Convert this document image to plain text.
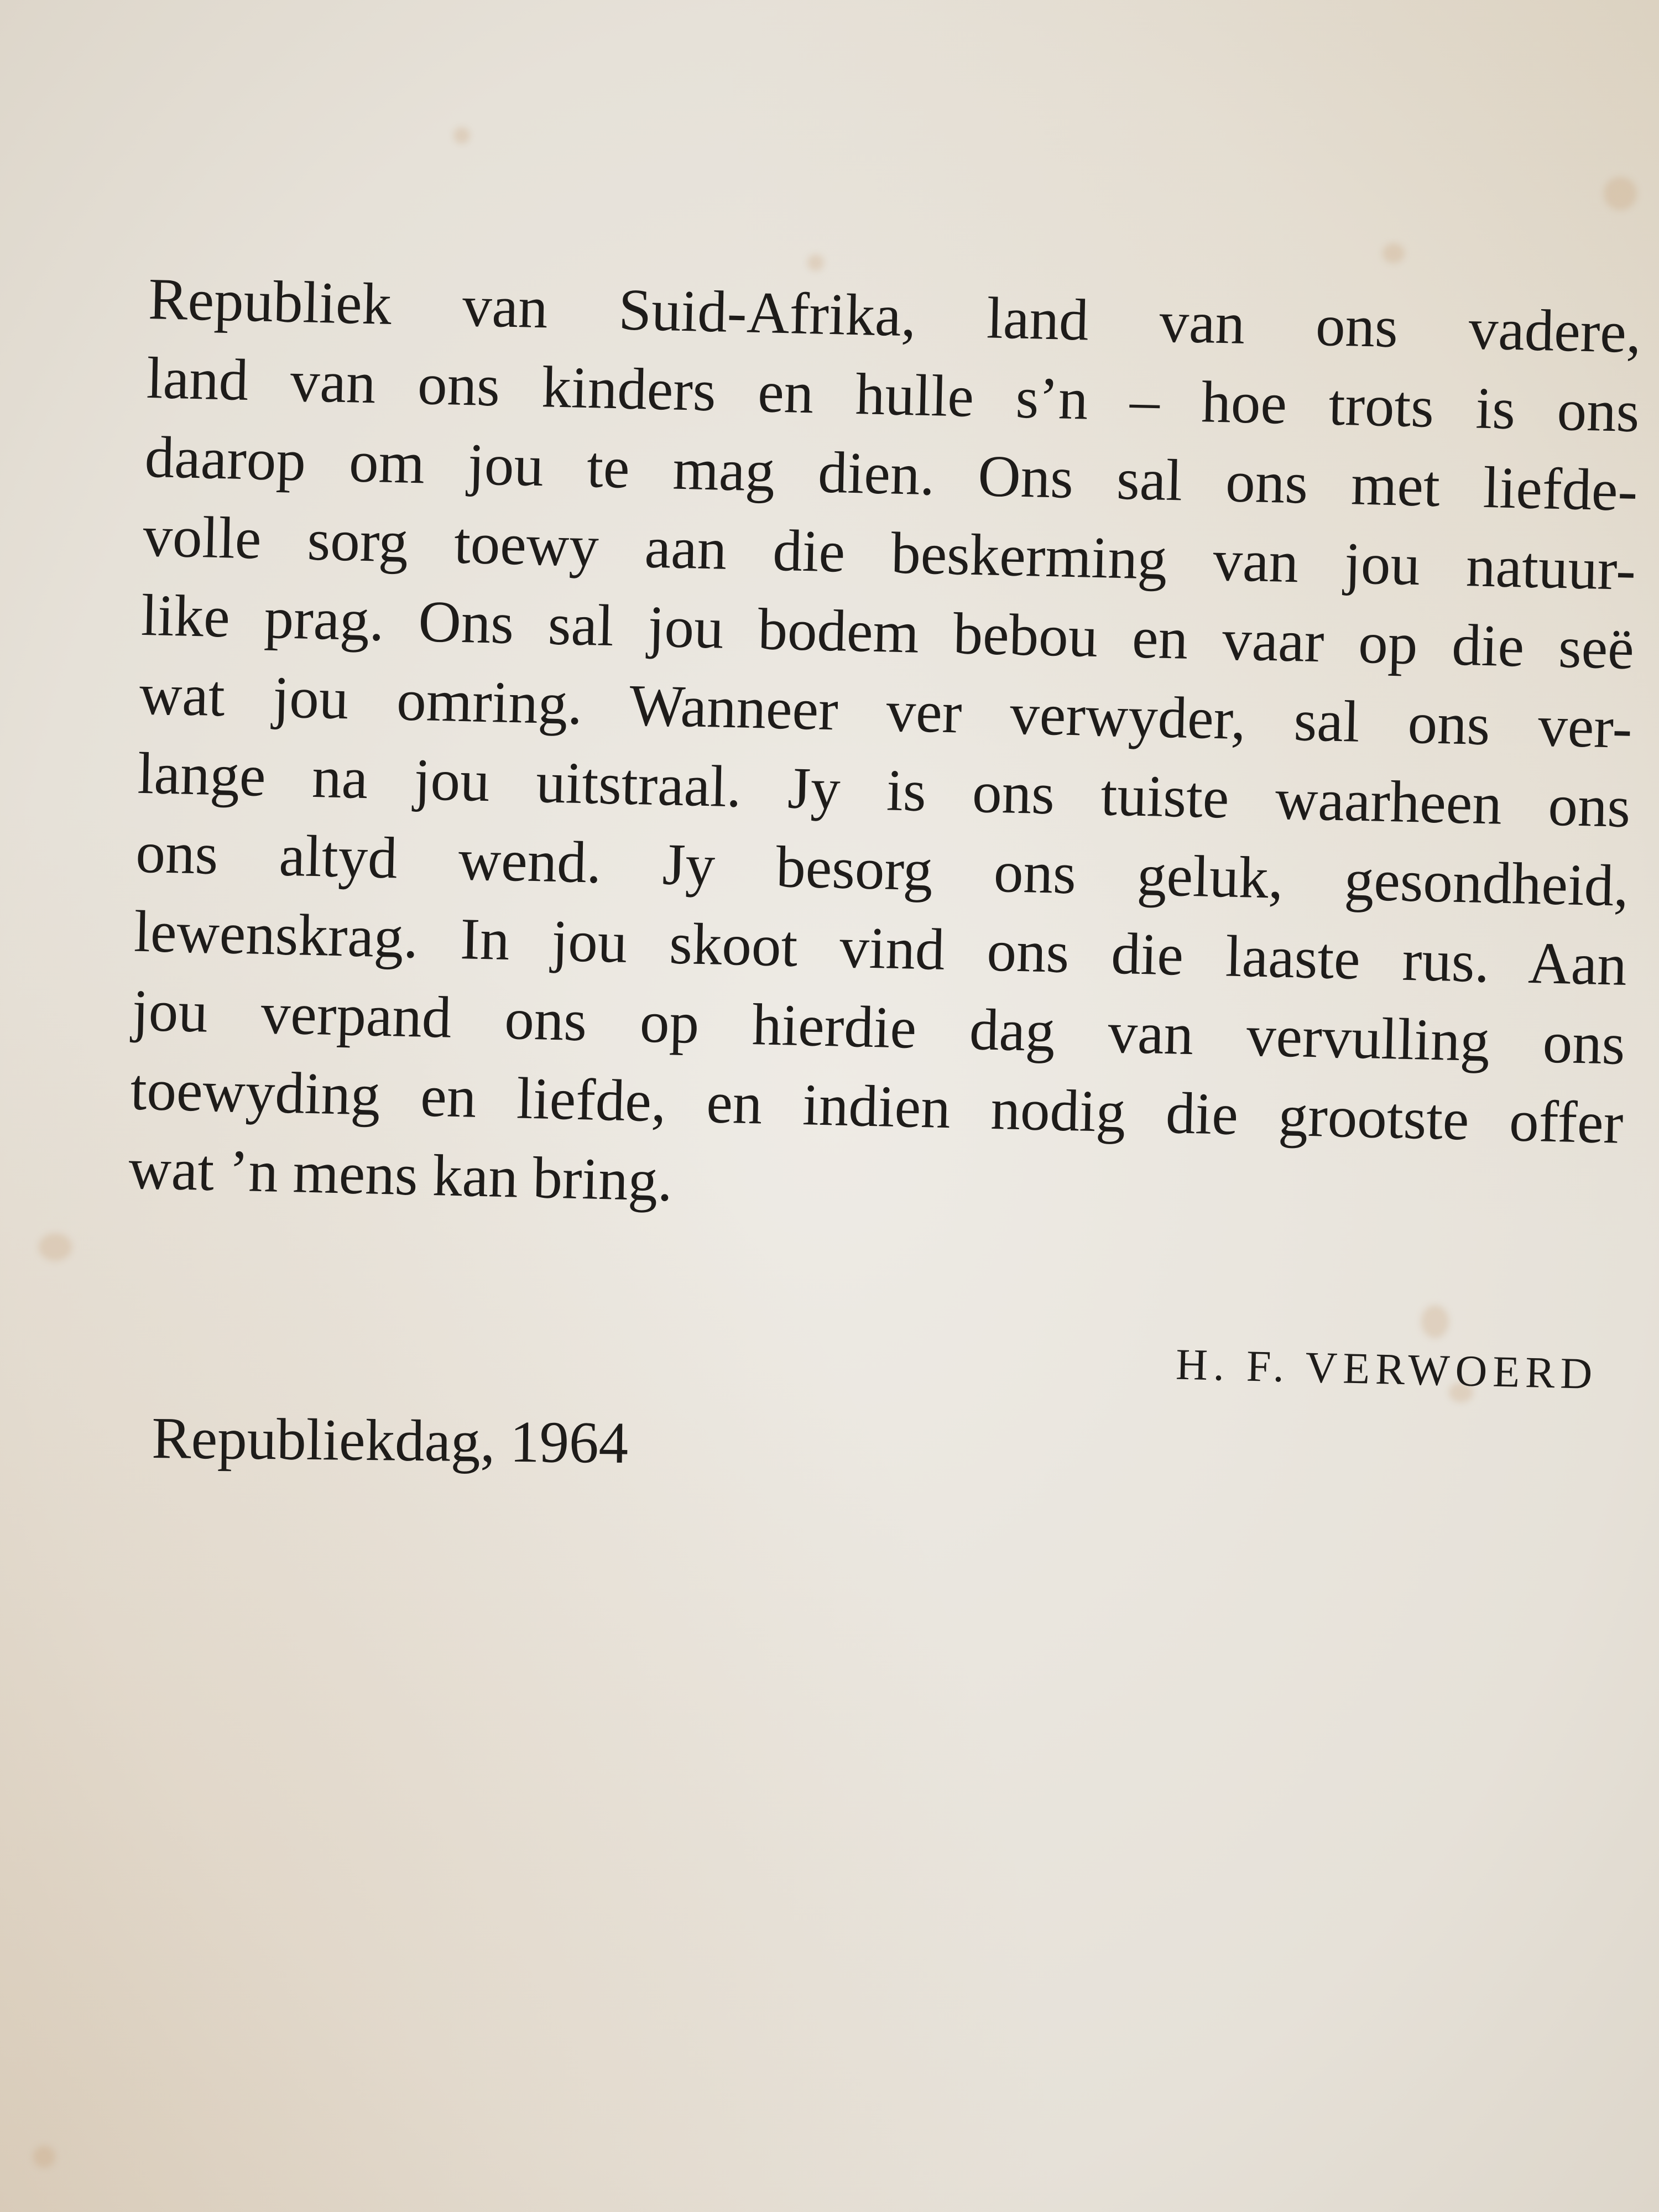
Republiek van Suid-Afrika, land van ons vadere,
land van ons kinders en hulle s’n – hoe trots is ons
daarop om jou te mag dien. Ons sal ons met liefde-
volle sorg toewy aan die beskerming van jou natuur-
like prag. Ons sal jou bodem bebou en vaar op die seë
wat jou omring. Wanneer ver verwyder, sal ons ver-
lange na jou uitstraal. Jy is ons tuiste waarheen ons
ons altyd wend. Jy besorg ons geluk, gesondheid,
lewenskrag. In jou skoot vind ons die laaste rus. Aan
jou verpand ons op hierdie dag van vervulling ons
toewyding en liefde, en indien nodig die grootste offer
wat ’n mens kan bring.

H. F. VERWOERD

Republiekdag, 1964
